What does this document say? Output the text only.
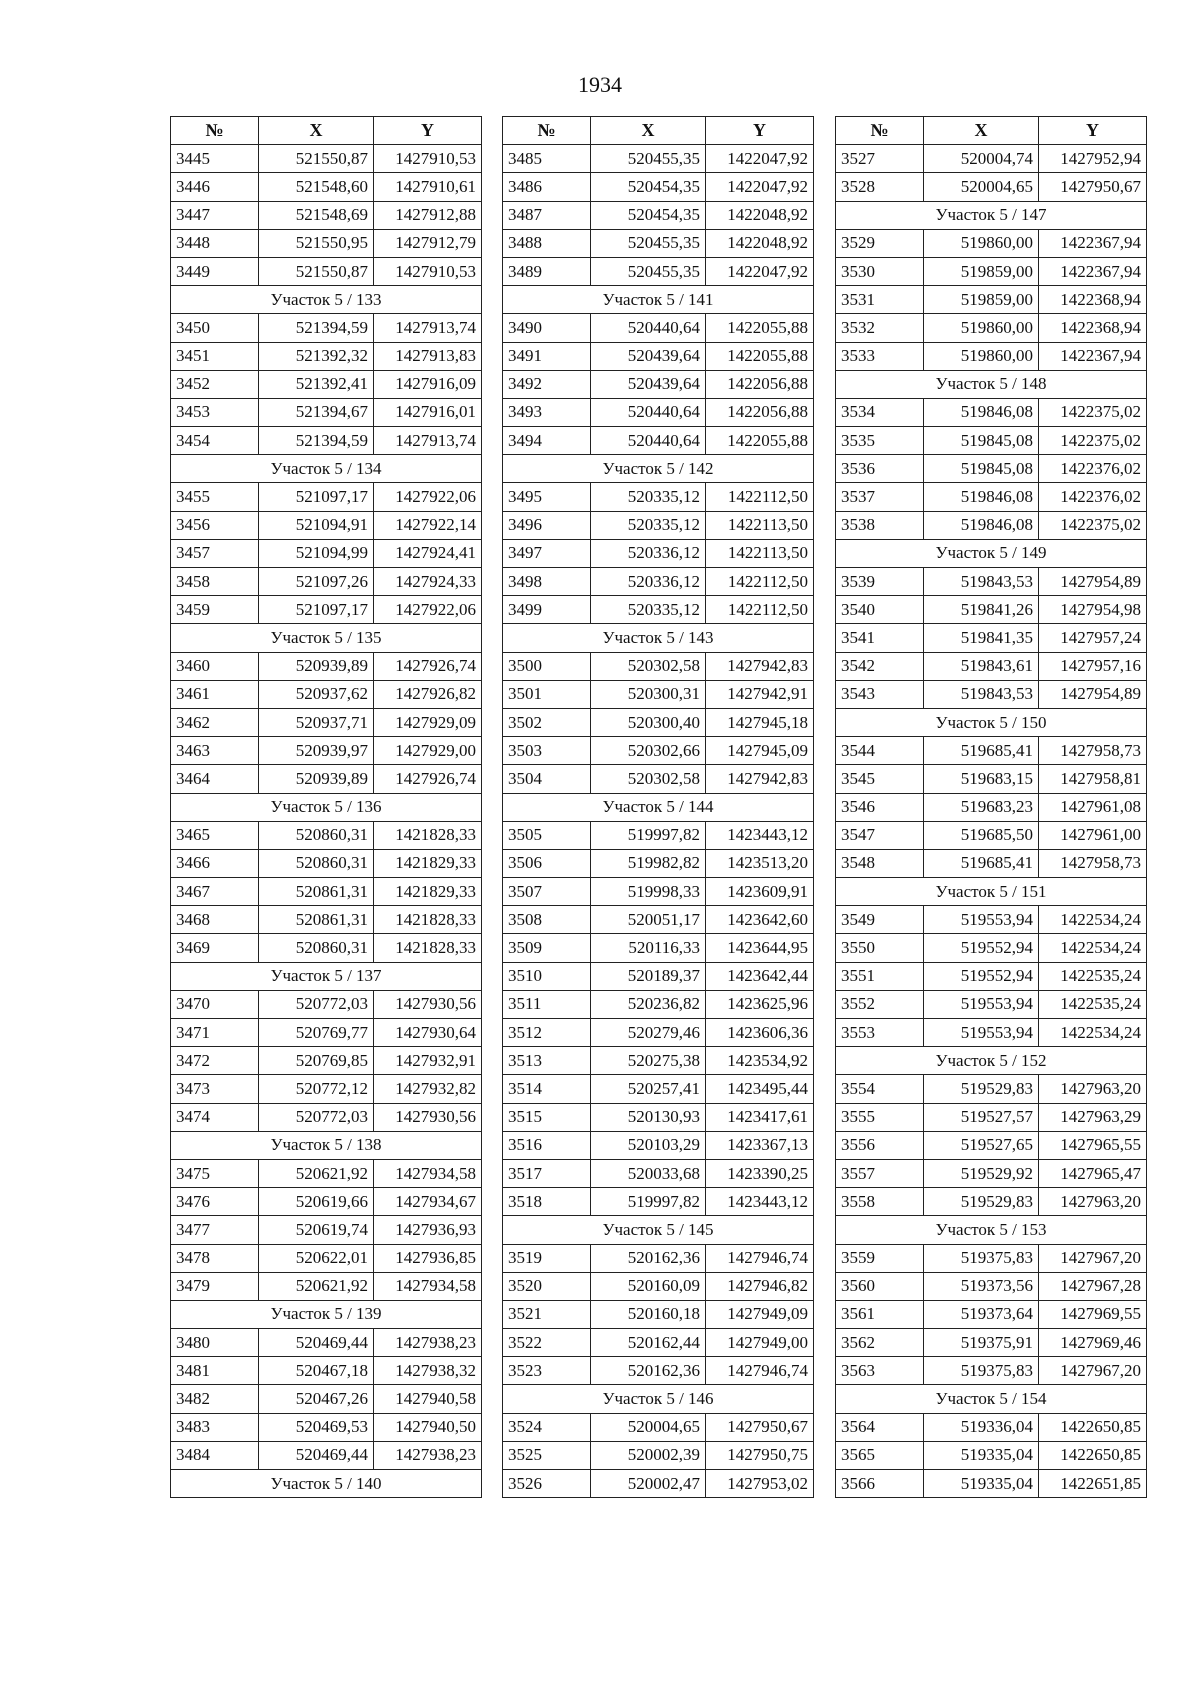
1934
№	X	Y
3445	521550,87	1427910,53
3446	521548,60	1427910,61
3447	521548,69	1427912,88
3448	521550,95	1427912,79
3449	521550,87	1427910,53
Участок 5 / 133		
3450	521394,59	1427913,74
3451	521392,32	1427913,83
3452	521392,41	1427916,09
3453	521394,67	1427916,01
3454	521394,59	1427913,74
Участок 5 / 134		
3455	521097,17	1427922,06
3456	521094,91	1427922,14
3457	521094,99	1427924,41
3458	521097,26	1427924,33
3459	521097,17	1427922,06
Участок 5 / 135		
3460	520939,89	1427926,74
3461	520937,62	1427926,82
3462	520937,71	1427929,09
3463	520939,97	1427929,00
3464	520939,89	1427926,74
Участок 5 / 136		
3465	520860,31	1421828,33
3466	520860,31	1421829,33
3467	520861,31	1421829,33
3468	520861,31	1421828,33
3469	520860,31	1421828,33
Участок 5 / 137		
3470	520772,03	1427930,56
3471	520769,77	1427930,64
3472	520769,85	1427932,91
3473	520772,12	1427932,82
3474	520772,03	1427930,56
Участок 5 / 138		
3475	520621,92	1427934,58
3476	520619,66	1427934,67
3477	520619,74	1427936,93
3478	520622,01	1427936,85
3479	520621,92	1427934,58
Участок 5 / 139		
3480	520469,44	1427938,23
3481	520467,18	1427938,32
3482	520467,26	1427940,58
3483	520469,53	1427940,50
3484	520469,44	1427938,23
Участок 5 / 140		
№	X	Y
3485	520455,35	1422047,92
3486	520454,35	1422047,92
3487	520454,35	1422048,92
3488	520455,35	1422048,92
3489	520455,35	1422047,92
Участок 5 / 141		
3490	520440,64	1422055,88
3491	520439,64	1422055,88
3492	520439,64	1422056,88
3493	520440,64	1422056,88
3494	520440,64	1422055,88
Участок 5 / 142		
3495	520335,12	1422112,50
3496	520335,12	1422113,50
3497	520336,12	1422113,50
3498	520336,12	1422112,50
3499	520335,12	1422112,50
Участок 5 / 143		
3500	520302,58	1427942,83
3501	520300,31	1427942,91
3502	520300,40	1427945,18
3503	520302,66	1427945,09
3504	520302,58	1427942,83
Участок 5 / 144		
3505	519997,82	1423443,12
3506	519982,82	1423513,20
3507	519998,33	1423609,91
3508	520051,17	1423642,60
3509	520116,33	1423644,95
3510	520189,37	1423642,44
3511	520236,82	1423625,96
3512	520279,46	1423606,36
3513	520275,38	1423534,92
3514	520257,41	1423495,44
3515	520130,93	1423417,61
3516	520103,29	1423367,13
3517	520033,68	1423390,25
3518	519997,82	1423443,12
Участок 5 / 145		
3519	520162,36	1427946,74
3520	520160,09	1427946,82
3521	520160,18	1427949,09
3522	520162,44	1427949,00
3523	520162,36	1427946,74
Участок 5 / 146		
3524	520004,65	1427950,67
3525	520002,39	1427950,75
3526	520002,47	1427953,02
№	X	Y
3527	520004,74	1427952,94
3528	520004,65	1427950,67
Участок 5 / 147		
3529	519860,00	1422367,94
3530	519859,00	1422367,94
3531	519859,00	1422368,94
3532	519860,00	1422368,94
3533	519860,00	1422367,94
Участок 5 / 148		
3534	519846,08	1422375,02
3535	519845,08	1422375,02
3536	519845,08	1422376,02
3537	519846,08	1422376,02
3538	519846,08	1422375,02
Участок 5 / 149		
3539	519843,53	1427954,89
3540	519841,26	1427954,98
3541	519841,35	1427957,24
3542	519843,61	1427957,16
3543	519843,53	1427954,89
Участок 5 / 150		
3544	519685,41	1427958,73
3545	519683,15	1427958,81
3546	519683,23	1427961,08
3547	519685,50	1427961,00
3548	519685,41	1427958,73
Участок 5 / 151		
3549	519553,94	1422534,24
3550	519552,94	1422534,24
3551	519552,94	1422535,24
3552	519553,94	1422535,24
3553	519553,94	1422534,24
Участок 5 / 152		
3554	519529,83	1427963,20
3555	519527,57	1427963,29
3556	519527,65	1427965,55
3557	519529,92	1427965,47
3558	519529,83	1427963,20
Участок 5 / 153		
3559	519375,83	1427967,20
3560	519373,56	1427967,28
3561	519373,64	1427969,55
3562	519375,91	1427969,46
3563	519375,83	1427967,20
Участок 5 / 154		
3564	519336,04	1422650,85
3565	519335,04	1422650,85
3566	519335,04	1422651,85
